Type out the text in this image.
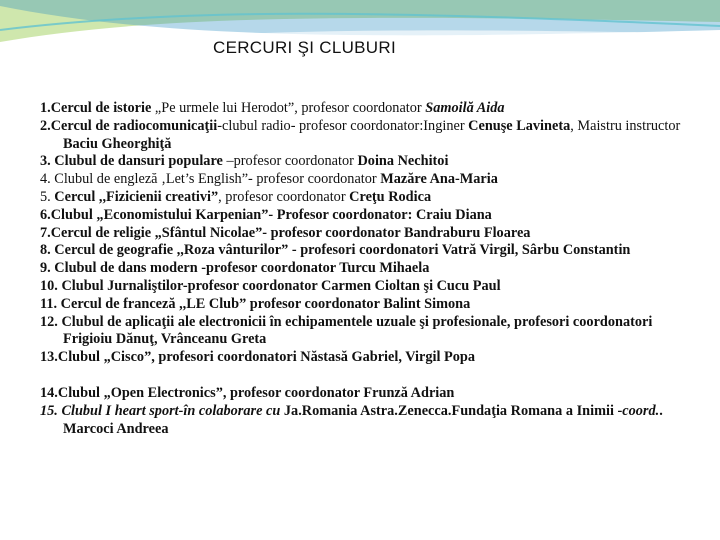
CERCURI ŞI CLUBURI

1.Cercul de istorie „Pe urmele lui Herodot”, profesor coordonator Samoilă Aida

2.Cercul de radiocomunicaţii-clubul radio- profesor coordonator:Inginer Cenuşe Lavineta, Maistru instructor Baciu Gheorghiţă

3. Clubul de dansuri populare –profesor coordonator Doina Nechitoi

4. Clubul de engleză ‚Let’s English”- profesor coordonator Mazăre Ana-Maria

5. Cercul ,,Fizicienii creativi”, profesor coordonator Creţu Rodica

6.Clubul „Economistului Karpenian”- Profesor coordonator: Craiu Diana

7.Cercul de religie „Sfântul Nicolae”- profesor coordonator Bandraburu Floarea

8. Cercul de geografie ,,Roza vânturilor” - profesori coordonatori Vatră Virgil, Sârbu Constantin

9. Clubul de dans modern -profesor coordonator Turcu Mihaela

10. Clubul Jurnaliştilor-profesor coordonator Carmen Cioltan şi Cucu Paul

11. Cercul de franceză ,,LE Club” profesor coordonator Balint Simona

12. Clubul de aplicaţii ale electronicii în echipamentele uzuale şi profesionale, profesori coordonatori Frigioiu Dănuţ, Vrânceanu Greta

13.Clubul „Cisco”, profesori coordonatori Năstasă Gabriel, Virgil Popa

14.Clubul „Open Electronics”, profesor coordonator Frunză Adrian

15. Clubul I heart sport-în colaborare cu Ja.Romania Astra.Zenecca.Fundaţia Romana a Inimii -coord.. Marcoci Andreea
